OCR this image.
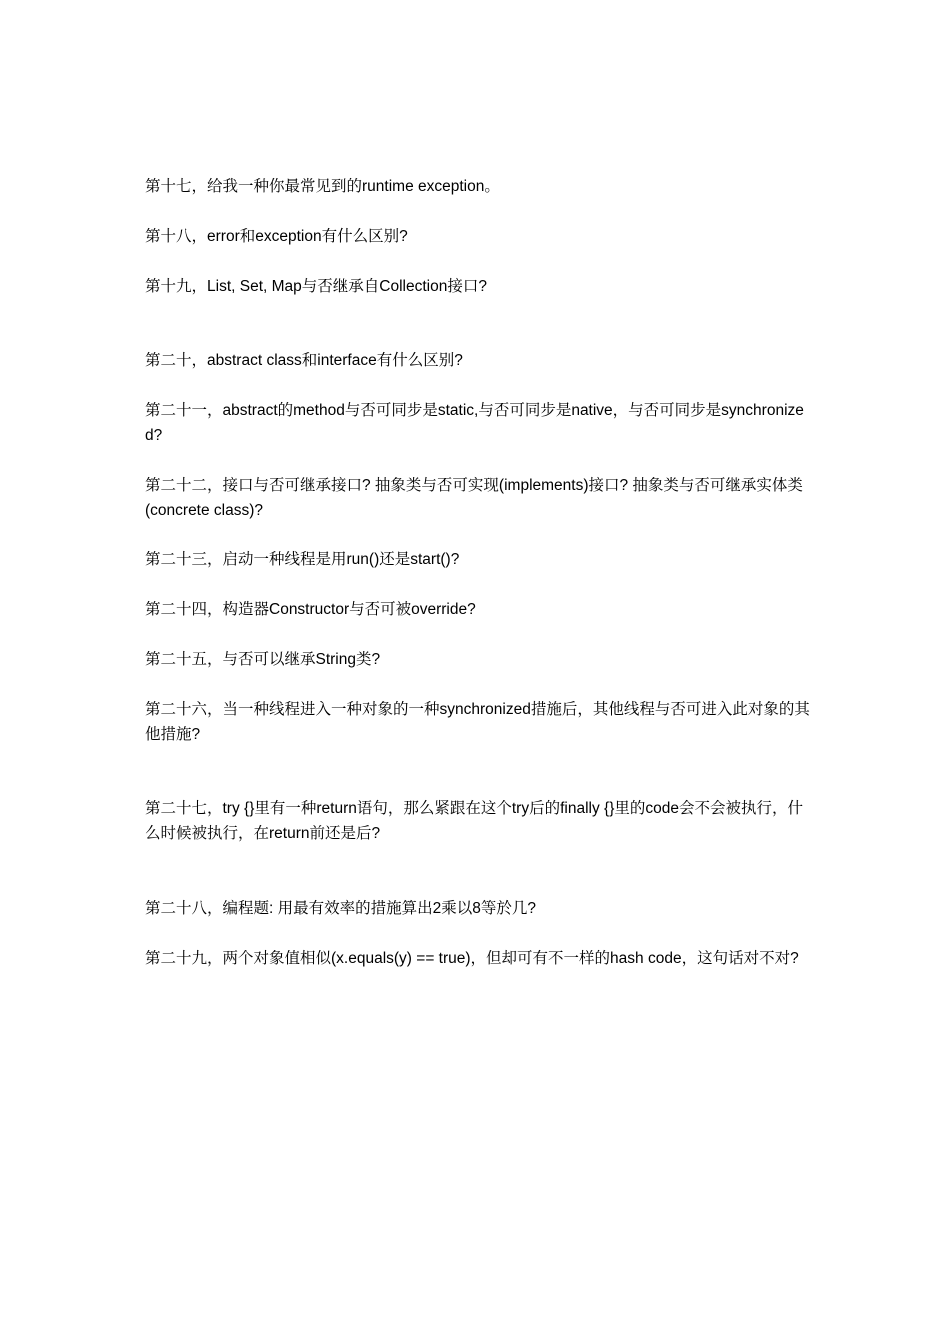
第十七，给我一种你最常见到的runtime exception。

第十八，error和exception有什么区别?

第十九，List, Set, Map与否继承自Collection接口?

第二十，abstract class和interface有什么区别?

第二十一，abstract的method与否可同步是static,与否可同步是native，与否可同步是synchronized?

第二十二，接口与否可继承接口? 抽象类与否可实现(implements)接口? 抽象类与否可继承实体类(concrete class)?

第二十三，启动一种线程是用run()还是start()?

第二十四，构造器Constructor与否可被override?

第二十五，与否可以继承String类?

第二十六，当一种线程进入一种对象的一种synchronized措施后，其他线程与否可进入此对象的其他措施?

第二十七，try {}里有一种return语句，那么紧跟在这个try后的finally {}里的code会不会被执行，什么时候被执行，在return前还是后?

第二十八，编程题: 用最有效率的措施算出2乘以8等於几?

第二十九，两个对象值相似(x.equals(y) == true)，但却可有不一样的hash code，这句话对不对?
